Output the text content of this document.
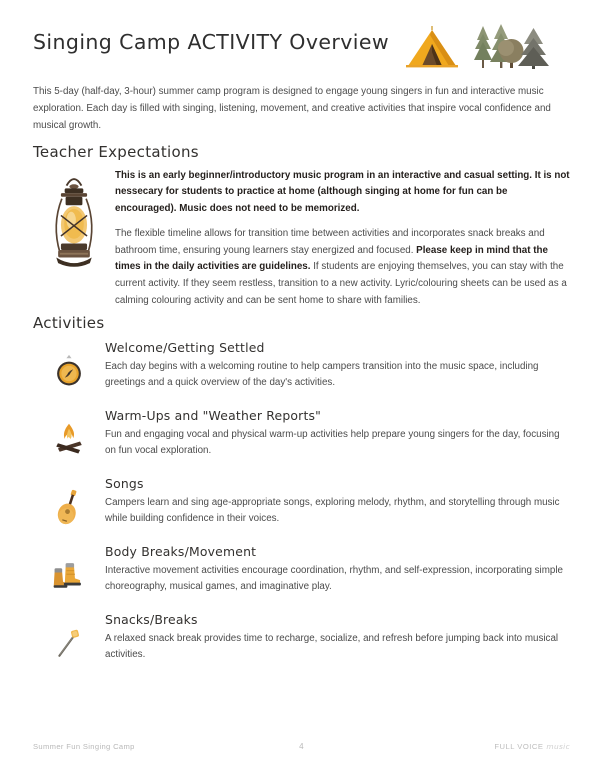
Singing Camp ACTIVITY Overview
This 5-day (half-day, 3-hour) summer camp program is designed to engage young singers in fun and interactive music exploration. Each day is filled with singing, listening, movement, and creative activities that inspire vocal confidence and musical growth.
Teacher Expectations
This is an early beginner/introductory music program in an interactive and casual setting. It is not nessecary for students to practice at home (although singing at home for fun can be encouraged). Music does not need to be memorized.
The flexible timeline allows for transition time between activities and incorporates snack breaks and bathroom time, ensuring young learners stay energized and focused. Please keep in mind that the times in the daily activities are guidelines. If students are enjoying themselves, you can stay with the current activity. If they seem restless, transition to a new activity. Lyric/colouring sheets can be used as a calming colouring activity and can be sent home to share with families.
Activities
Welcome/Getting Settled
Each day begins with a welcoming routine to help campers transition into the music space, including greetings and a quick overview of the day's activities.
Warm-Ups and "Weather Reports"
Fun and engaging vocal and physical warm-up activities help prepare young singers for the day, focusing on fun vocal exploration.
Songs
Campers learn and sing age-appropriate songs, exploring melody, rhythm, and storytelling through music while building confidence in their voices.
Body Breaks/Movement
Interactive movement activities encourage coordination, rhythm, and self-expression, incorporating simple choreography, musical games, and imaginative play.
Snacks/Breaks
A relaxed snack break provides time to recharge, socialize, and refresh before jumping back into musical activities.
Summer Fun Singing Camp	4	FULL VOICE music
